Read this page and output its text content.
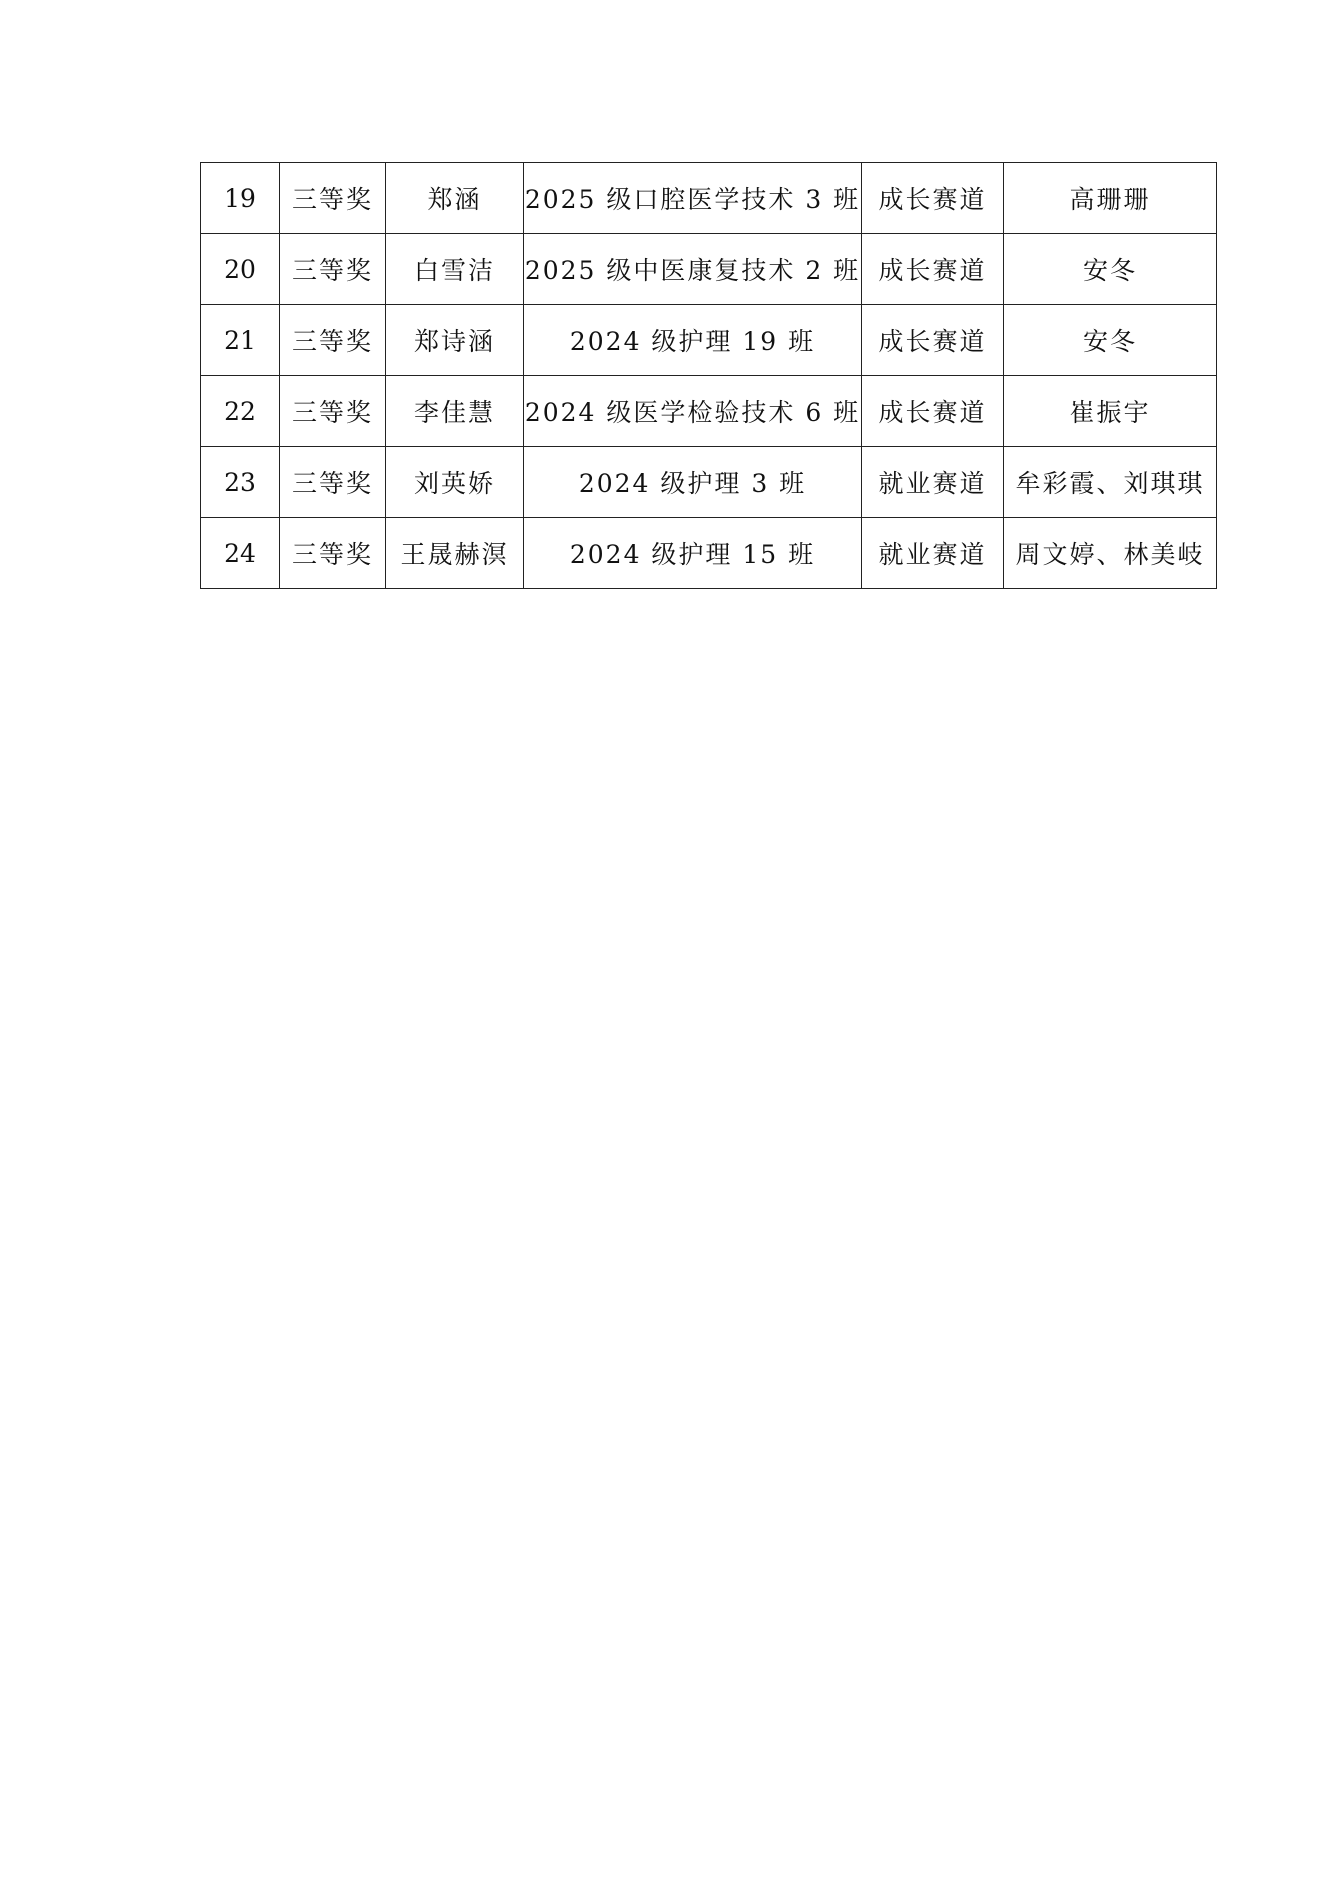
19	三等奖	郑涵	2025 级口腔医学技术 3 班	成长赛道	高珊珊
20	三等奖	白雪洁	2025 级中医康复技术 2 班	成长赛道	安冬
21	三等奖	郑诗涵	2024 级护理 19 班	成长赛道	安冬
22	三等奖	李佳慧	2024 级医学检验技术 6 班	成长赛道	崔振宇
23	三等奖	刘英娇	2024 级护理 3 班	就业赛道	牟彩霞、刘琪琪
24	三等奖	王晟赫溟	2024 级护理 15 班	就业赛道	周文婷、林美岐
